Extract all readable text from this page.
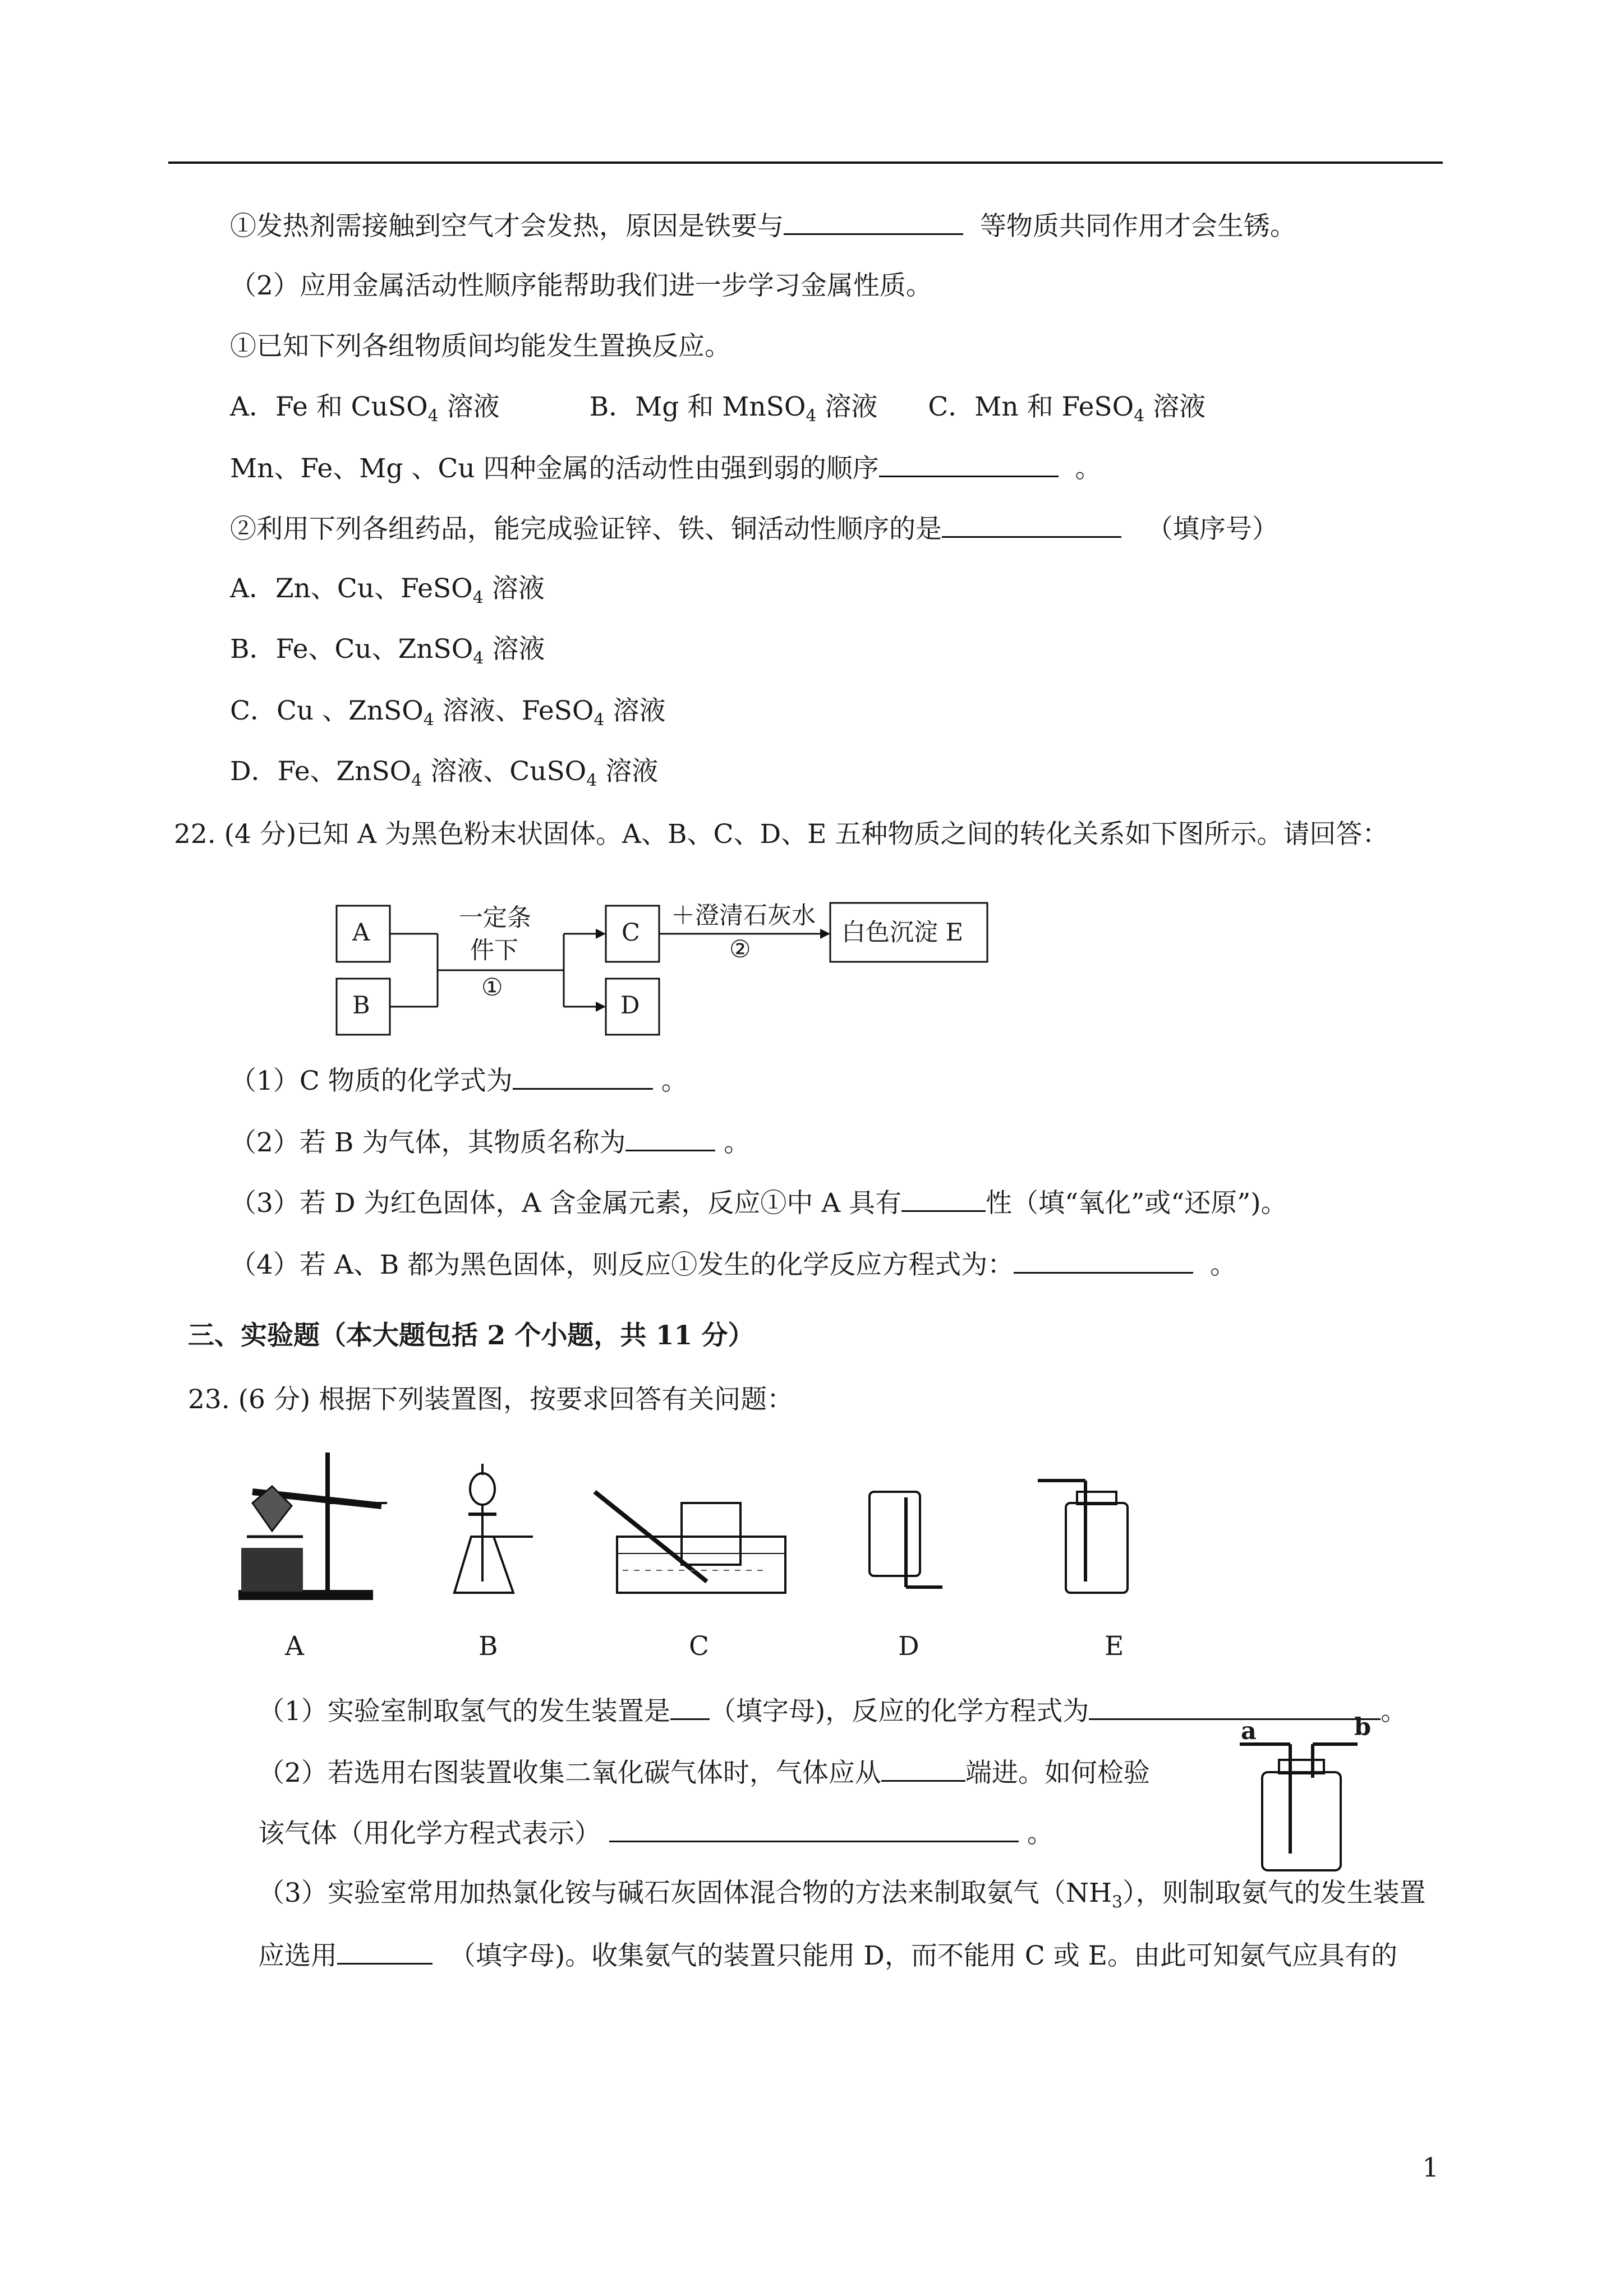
①发热剂需接触到空气才会发热，原因是铁要与	等物质共同作用才会生锈。
（2）应用金属活动性顺序能帮助我们进一步学习金属性质。
①已知下列各组物质间均能发生置换反应。
A．Fe 和 CuSO$_4$ 溶液	B．Mg 和 MnSO$_4$ 溶液 C．Mn 和 FeSO$_4$ 溶液
Mn、Fe、Mg 、Cu 四种金属的活动性由强到弱的顺序	。
②利用下列各组药品，能完成验证锌、铁、铜活动性顺序的是	（填序号）
A．Zn、Cu、FeSO$_4$ 溶液
B．Fe、Cu、ZnSO$_4$ 溶液
C．Cu 、ZnSO$_4$ 溶液、FeSO$_4$ 溶液
D．Fe、ZnSO$_4$ 溶液、CuSO$_4$ 溶液
22. (4 分)已知 A 为黑色粉末状固体。A、B、C、D、E 五种物质之间的转化关系如下图所示。请回答：
A
B
C
D
白色沉淀 E
一定条
件下
①
＋澄清石灰水
②
（1）C 物质的化学式为	。
（2）若 B 为气体，其物质名称为	。
（3）若 D 为红色固体，A 含金属元素，反应①中 A 具有	性（填“氧化”或“还原”)。
（4）若 A、B 都为黑色固体，则反应①发生的化学反应方程式为：	。
三、实验题（本大题包括 2 个小题，共 11 分）
23. (6 分) 根据下列装置图，按要求回答有关问题：
A	B	C	D	E
（1）实验室制取氢气的发生装置是 （填字母)，反应的化学方程式为	。
a	b
（2）若选用右图装置收集二氧化碳气体时，气体应从	端进。如何检验
该气体（用化学方程式表示）	。
（3）实验室常用加热氯化铵与碱石灰固体混合物的方法来制取氨气$(NH_3)$，则制取氨气的发生装置
应选用	（填字母)。收集氨气的装置只能用 D，而不能用 C 或 E。由此可知氨气应具有的
1
